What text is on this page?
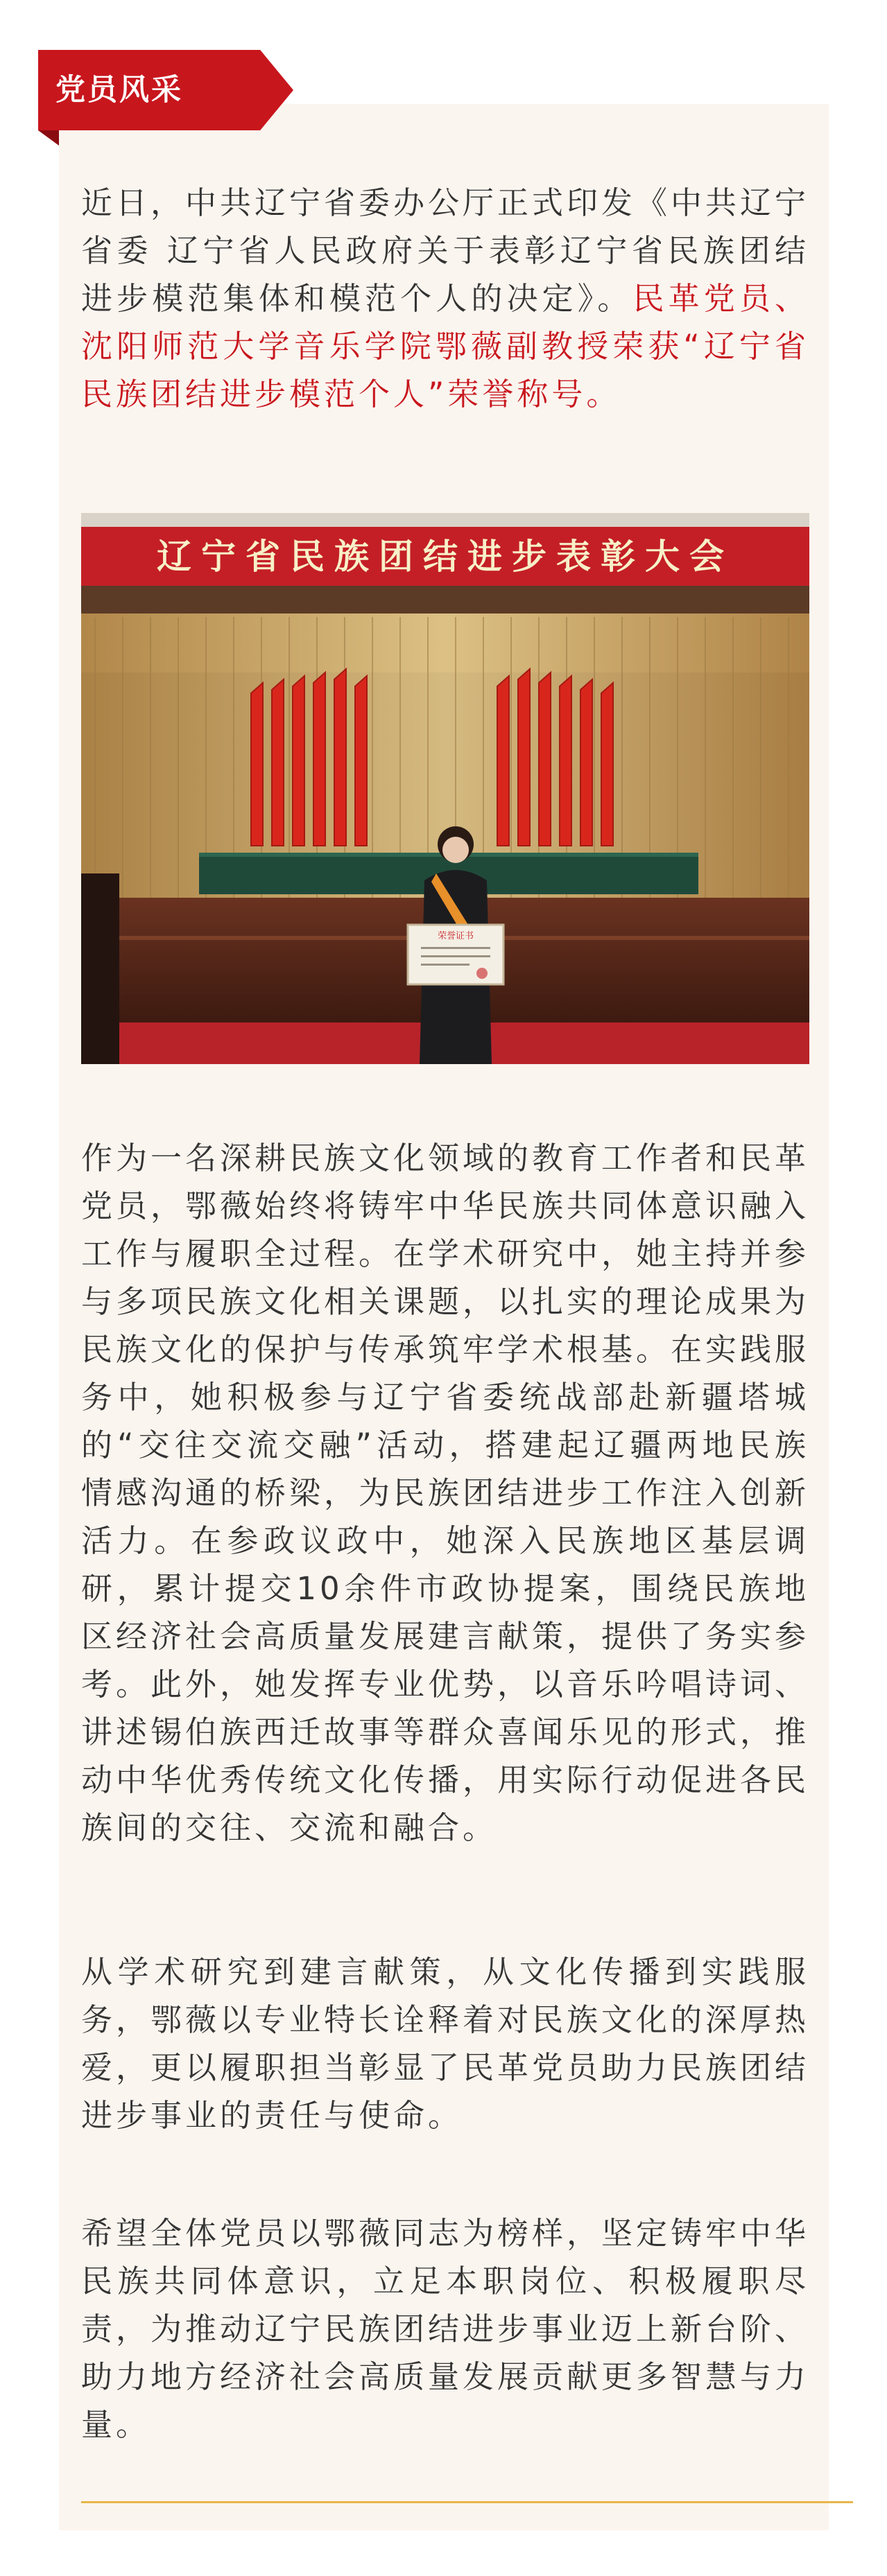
党员风采

近日，中共辽宁省委办公厅正式印发《中共辽宁省委 辽宁省人民政府关于表彰辽宁省民族团结进步模范集体和模范个人的决定》。民革党员、沈阳师范大学音乐学院鄂薇副教授荣获“辽宁省民族团结进步模范个人”荣誉称号。

辽宁省民族团结进步表彰大会
荣誉证书

作为一名深耕民族文化领域的教育工作者和民革党员，鄂薇始终将铸牢中华民族共同体意识融入工作与履职全过程。在学术研究中，她主持并参与多项民族文化相关课题，以扎实的理论成果为民族文化的保护与传承筑牢学术根基。在实践服务中，她积极参与辽宁省委统战部赴新疆塔城的“交往交流交融”活动，搭建起辽疆两地民族情感沟通的桥梁，为民族团结进步工作注入创新活力。在参政议政中，她深入民族地区基层调研，累计提交10余件市政协提案，围绕民族地区经济社会高质量发展建言献策，提供了务实参考。此外，她发挥专业优势，以音乐吟唱诗词、讲述锡伯族西迁故事等群众喜闻乐见的形式，推动中华优秀传统文化传播，用实际行动促进各民族间的交往、交流和融合。

从学术研究到建言献策，从文化传播到实践服务，鄂薇以专业特长诠释着对民族文化的深厚热爱，更以履职担当彰显了民革党员助力民族团结进步事业的责任与使命。

希望全体党员以鄂薇同志为榜样，坚定铸牢中华民族共同体意识，立足本职岗位、积极履职尽责，为推动辽宁民族团结进步事业迈上新台阶、助力地方经济社会高质量发展贡献更多智慧与力量。
